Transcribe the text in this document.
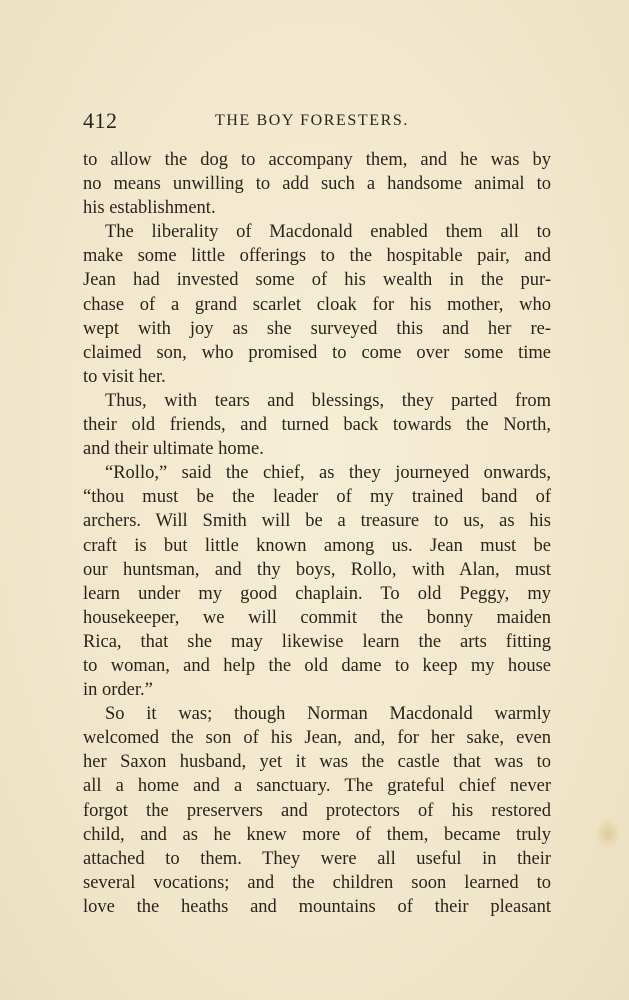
412	THE BOY FORESTERS.
to allow the dog to accompany them, and he was by
no means unwilling to add such a handsome animal to
his establishment.
The liberality of Macdonald enabled them all to
make some little offerings to the hospitable pair, and
Jean had invested some of his wealth in the pur-
chase of a grand scarlet cloak for his mother, who
wept with joy as she surveyed this and her re-
claimed son, who promised to come over some time
to visit her.
Thus, with tears and blessings, they parted from
their old friends, and turned back towards the North,
and their ultimate home.
“Rollo,” said the chief, as they journeyed onwards,
“thou must be the leader of my trained band of
archers. Will Smith will be a treasure to us, as his
craft is but little known among us. Jean must be
our huntsman, and thy boys, Rollo, with Alan, must
learn under my good chaplain. To old Peggy, my
housekeeper, we will commit the bonny maiden
Rica, that she may likewise learn the arts fitting
to woman, and help the old dame to keep my house
in order.”
So it was; though Norman Macdonald warmly
welcomed the son of his Jean, and, for her sake, even
her Saxon husband, yet it was the castle that was to
all a home and a sanctuary. The grateful chief never
forgot the preservers and protectors of his restored
child, and as he knew more of them, became truly
attached to them. They were all useful in their
several vocations; and the children soon learned to
love the heaths and mountains of their pleasant
